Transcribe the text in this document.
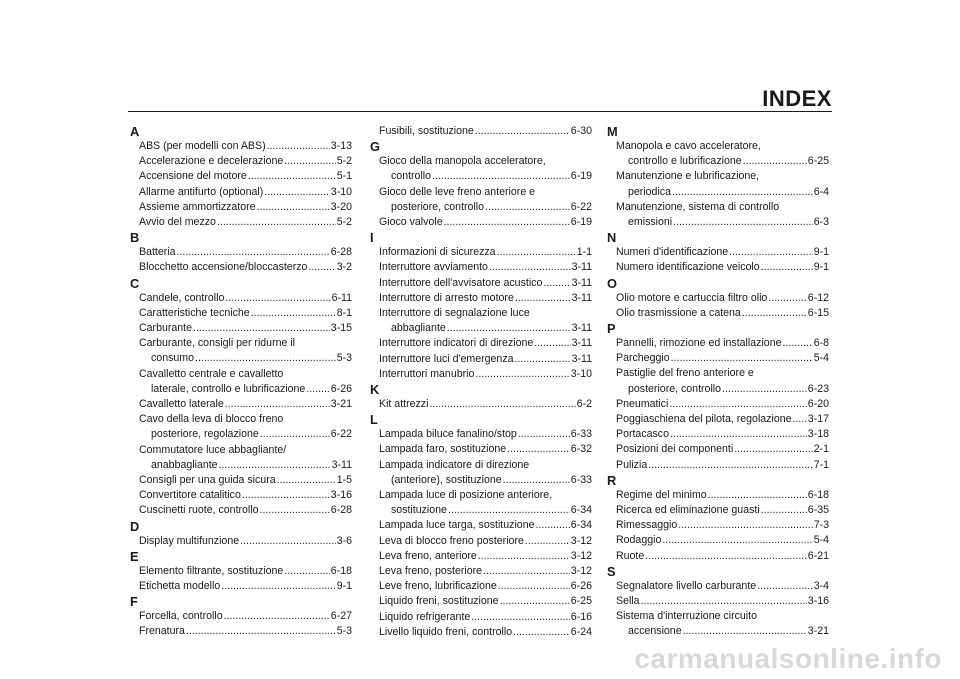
INDEX
A
ABS (per modelli con ABS) .....	3-13
Accelerazione e decelerazione .....	5-2
Accensione del motore .....	5-1
Allarme antifurto (optional) .....	3-10
Assieme ammortizzatore .....	3-20
Avvio del mezzo .....	5-2
B
Batteria .....	6-28
Blocchetto accensione/bloccasterzo .....	3-2
C
Candele, controllo .....	6-11
Caratteristiche tecniche .....	8-1
Carburante .....	3-15
Carburante, consigli per ridurne il
consumo .....	5-3
Cavalletto centrale e cavalletto
laterale, controllo e lubrificazione ..... 6-26
Cavalletto laterale .....	3-21
Cavo della leva di blocco freno
posteriore, regolazione .....	6-22
Commutatore luce abbagliante/
anabbagliante .....	3-11
Consigli per una guida sicura .....	1-5
Convertitore catalitico .....	3-16
Cuscinetti ruote, controllo .....	6-28
D
Display multifunzione .....	3-6
E
Elemento filtrante, sostituzione .....	6-18
Etichetta modello .....	9-1
F
Forcella, controllo .....	6-27
Frenatura .....	5-3
Fusibili, sostituzione .....	6-30
G
Gioco della manopola acceleratore,
controllo .....	6-19
Gioco delle leve freno anteriore e
posteriore, controllo .....	6-22
Gioco valvole .....	6-19
I
Informazioni di sicurezza .....	1-1
Interruttore avviamento .....	3-11
Interruttore dell'avvisatore acustico .....	3-11
Interruttore di arresto motore .....	3-11
Interruttore di segnalazione luce
abbagliante .....	3-11
Interruttore indicatori di direzione .....	3-11
Interruttore luci d'emergenza .....	3-11
Interruttori manubrio .....	3-10
K
Kit attrezzi .....	6-2
L
Lampada biluce fanalino/stop .....	6-33
Lampada faro, sostituzione .....	6-32
Lampada indicatore di direzione
(anteriore), sostituzione .....	6-33
Lampada luce di posizione anteriore,
sostituzione .....	6-34
Lampada luce targa, sostituzione .....	6-34
Leva di blocco freno posteriore .....	3-12
Leva freno, anteriore .....	3-12
Leva freno, posteriore .....	3-12
Leve freno, lubrificazione .....	6-26
Liquido freni, sostituzione .....	6-25
Liquido refrigerante .....	6-16
Livello liquido freni, controllo .....	6-24
M
Manopola e cavo acceleratore,
controllo e lubrificazione .....	6-25
Manutenzione e lubrificazione,
periodica .....	6-4
Manutenzione, sistema di controllo
emissioni .....	6-3
N
Numeri d'identificazione .....	9-1
Numero identificazione veicolo .....	9-1
O
Olio motore e cartuccia filtro olio .....	6-12
Olio trasmissione a catena .....	6-15
P
Pannelli, rimozione ed installazione .....	6-8
Parcheggio .....	5-4
Pastiglie del freno anteriore e
posteriore, controllo .....	6-23
Pneumatici .....	6-20
Poggiaschiena del pilota, regolazione ..... 3-17
Portacasco .....	3-18
Posizioni dei componenti .....	2-1
Pulizia .....	7-1
R
Regime del minimo .....	6-18
Ricerca ed eliminazione guasti .....	6-35
Rimessaggio .....	7-3
Rodaggio .....	5-4
Ruote .....	6-21
S
Segnalatore livello carburante .....	3-4
Sella .....	3-16
Sistema d'interruzione circuito
accensione .....	3-21
carmanualsonline.info
